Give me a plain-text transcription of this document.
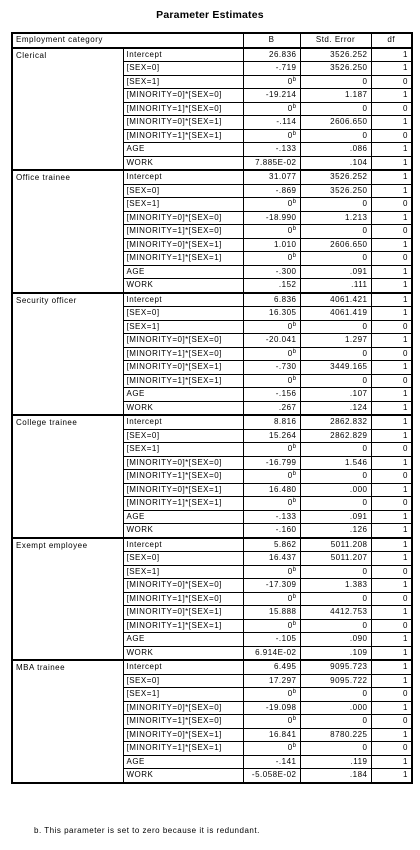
Parameter Estimates
Employment category		B	Std. Error	df
Clerical	Intercept	26.836	3526.252	1
	[SEX=0]	-.719	3526.250	1
	[SEX=1]	0$^b$	0	0
	[MINORITY=0]*[SEX=0]	-19.214	1.187	1
	[MINORITY=1]*[SEX=0]	0$^b$	0	0
	[MINORITY=0]*[SEX=1]	-.114	2606.650	1
	[MINORITY=1]*[SEX=1]	0$^b$	0	0
	AGE	-.133	.086	1
	WORK	7.885E-02	.104	1
Office trainee	Intercept	31.077	3526.252	1
	[SEX=0]	-.869	3526.250	1
	[SEX=1]	0$^b$	0	0
	[MINORITY=0]*[SEX=0]	-18.990	1.213	1
	[MINORITY=1]*[SEX=0]	0$^b$	0	0
	[MINORITY=0]*[SEX=1]	1.010	2606.650	1
	[MINORITY=1]*[SEX=1]	0$^b$	0	0
	AGE	-.300	.091	1
	WORK	.152	.111	1
Security officer	Intercept	6.836	4061.421	1
	[SEX=0]	16.305	4061.419	1
	[SEX=1]	0$^b$	0	0
	[MINORITY=0]*[SEX=0]	-20.041	1.297	1
	[MINORITY=1]*[SEX=0]	0$^b$	0	0
	[MINORITY=0]*[SEX=1]	-.730	3449.165	1
	[MINORITY=1]*[SEX=1]	0$^b$	0	0
	AGE	-.156	.107	1
	WORK	.267	.124	1
College trainee	Intercept	8.816	2862.832	1
	[SEX=0]	15.264	2862.829	1
	[SEX=1]	0$^b$	0	0
	[MINORITY=0]*[SEX=0]	-16.799	1.546	1
	[MINORITY=1]*[SEX=0]	0$^b$	0	0
	[MINORITY=0]*[SEX=1]	16.480	.000	1
	[MINORITY=1]*[SEX=1]	0$^b$	0	0
	AGE	-.133	.091	1
	WORK	-.160	.126	1
Exempt employee	Intercept	5.862	5011.208	1
	[SEX=0]	16.437	5011.207	1
	[SEX=1]	0$^b$	0	0
	[MINORITY=0]*[SEX=0]	-17.309	1.383	1
	[MINORITY=1]*[SEX=0]	0$^b$	0	0
	[MINORITY=0]*[SEX=1]	15.888	4412.753	1
	[MINORITY=1]*[SEX=1]	0$^b$	0	0
	AGE	-.105	.090	1
	WORK	6.914E-02	.109	1
MBA trainee	Intercept	6.495	9095.723	1
	[SEX=0]	17.297	9095.722	1
	[SEX=1]	0$^b$	0	0
	[MINORITY=0]*[SEX=0]	-19.098	.000	1
	[MINORITY=1]*[SEX=0]	0$^b$	0	0
	[MINORITY=0]*[SEX=1]	16.841	8780.225	1
	[MINORITY=1]*[SEX=1]	0$^b$	0	0
	AGE	-.141	.119	1
	WORK	-5.058E-02	.184	1
b. This parameter is set to zero because it is redundant.
